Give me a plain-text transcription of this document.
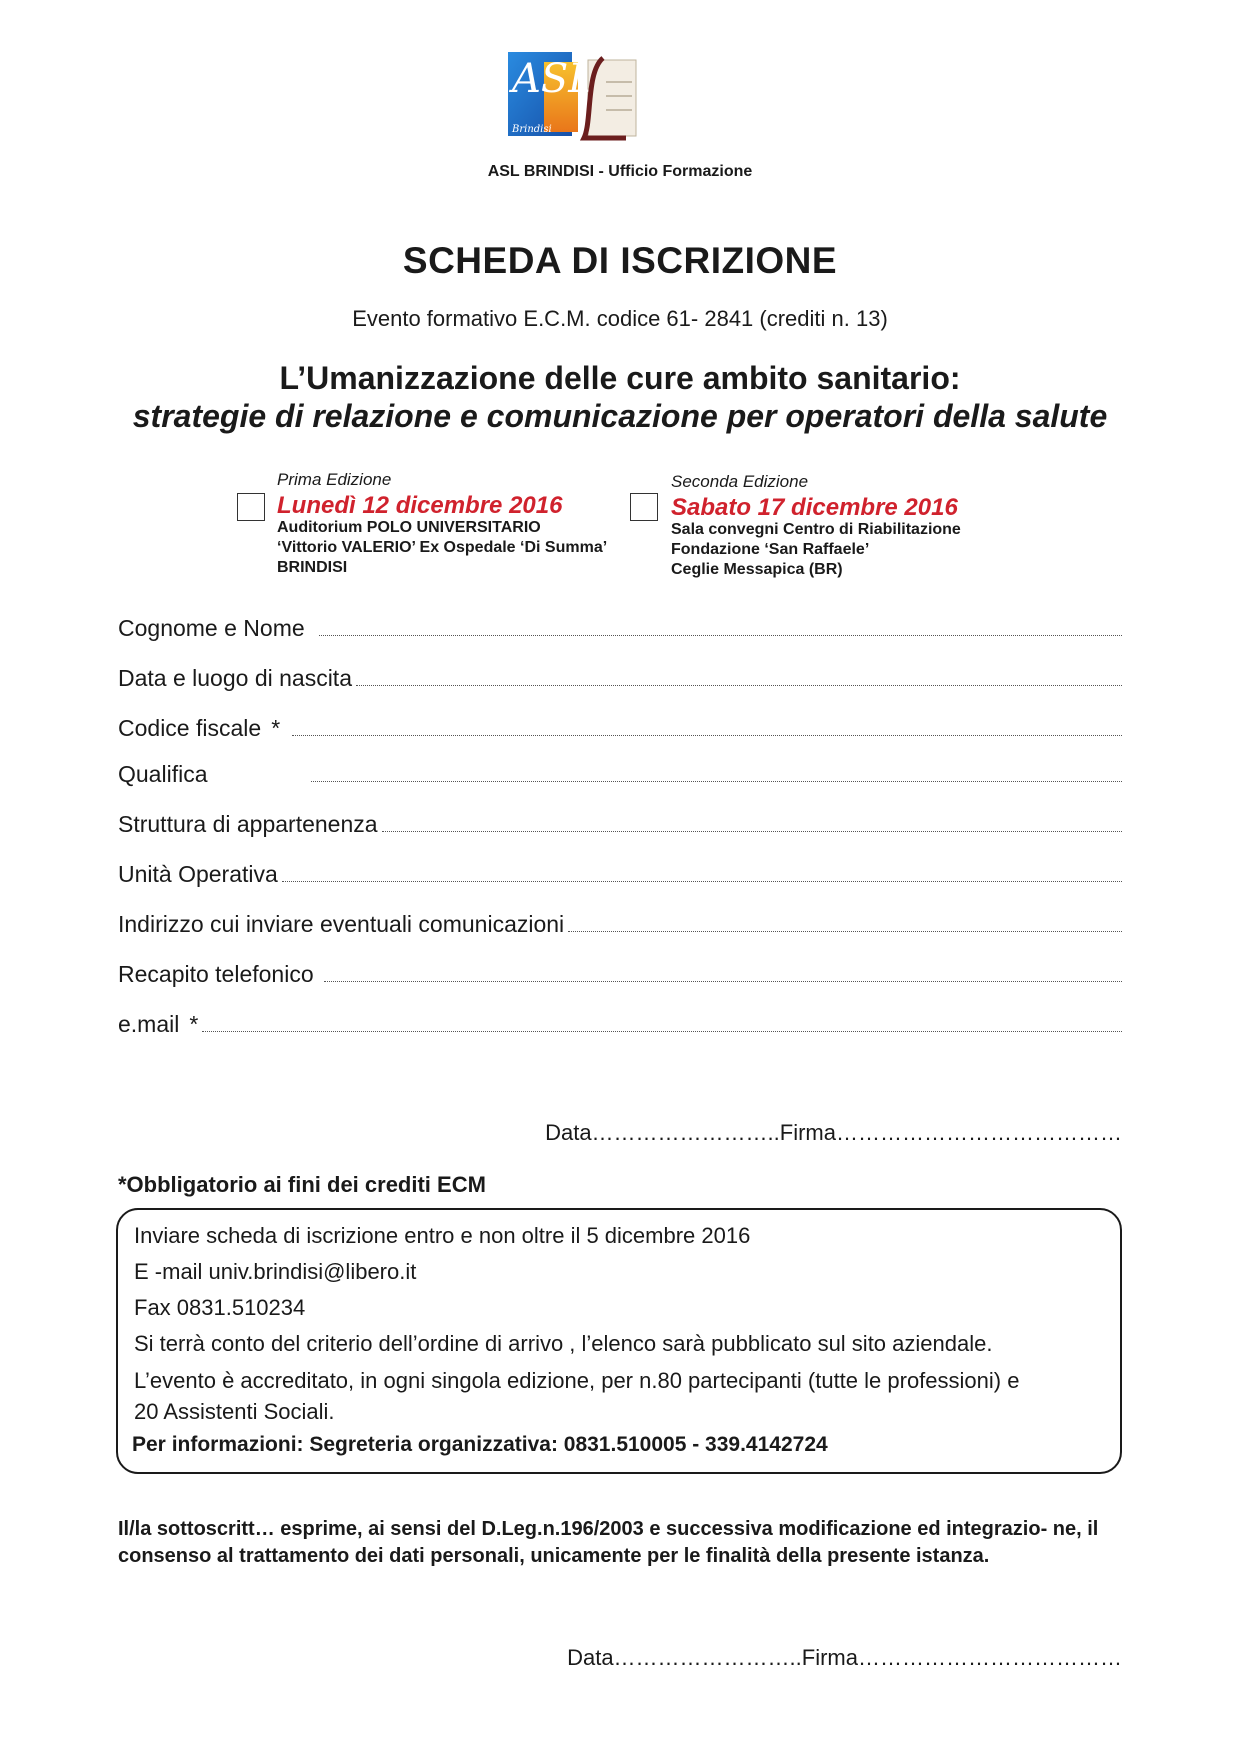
ASL
Brindisi
ASL BRINDISI - Ufficio Formazione
SCHEDA DI ISCRIZIONE
Evento formativo E.C.M. codice 61- 2841 (crediti n. 13)
L’Umanizzazione delle cure ambito sanitario:
strategie di relazione e comunicazione per operatori della salute
Prima Edizione
Lunedì 12 dicembre 2016
Auditorium POLO UNIVERSITARIO
‘Vittorio VALERIO’ Ex Ospedale ‘Di Summa’
BRINDISI
Seconda Edizione
Sabato 17 dicembre 2016
Sala convegni Centro di Riabilitazione
Fondazione ‘San Raffaele’
Ceglie Messapica (BR)
Cognome e Nome
Data e luogo di nascita
Codice fiscale *
Qualifica
Struttura di appartenenza
Unità Operativa
Indirizzo cui inviare eventuali comunicazioni
Recapito telefonico
e.mail *
Data……………………..Firma…………………………………
*Obbligatorio ai fini dei crediti ECM
Inviare scheda di iscrizione entro e non oltre il 5 dicembre 2016
E -mail univ.brindisi@libero.it
Fax 0831.510234
Si terrà conto del criterio dell’ordine di arrivo , l’elenco sarà pubblicato sul sito aziendale.
L’evento è accreditato, in ogni singola edizione, per n.80 partecipanti (tutte le professioni) e
20 Assistenti Sociali.
Per informazioni: Segreteria organizzativa: 0831.510005 - 339.4142724
Il/la sottoscritt… esprime, ai sensi del D.Leg.n.196/2003 e successiva modificazione ed integrazio- ne, il consenso al trattamento dei dati personali, unicamente per le finalità della presente istanza.
Data……………………..Firma………………………………
